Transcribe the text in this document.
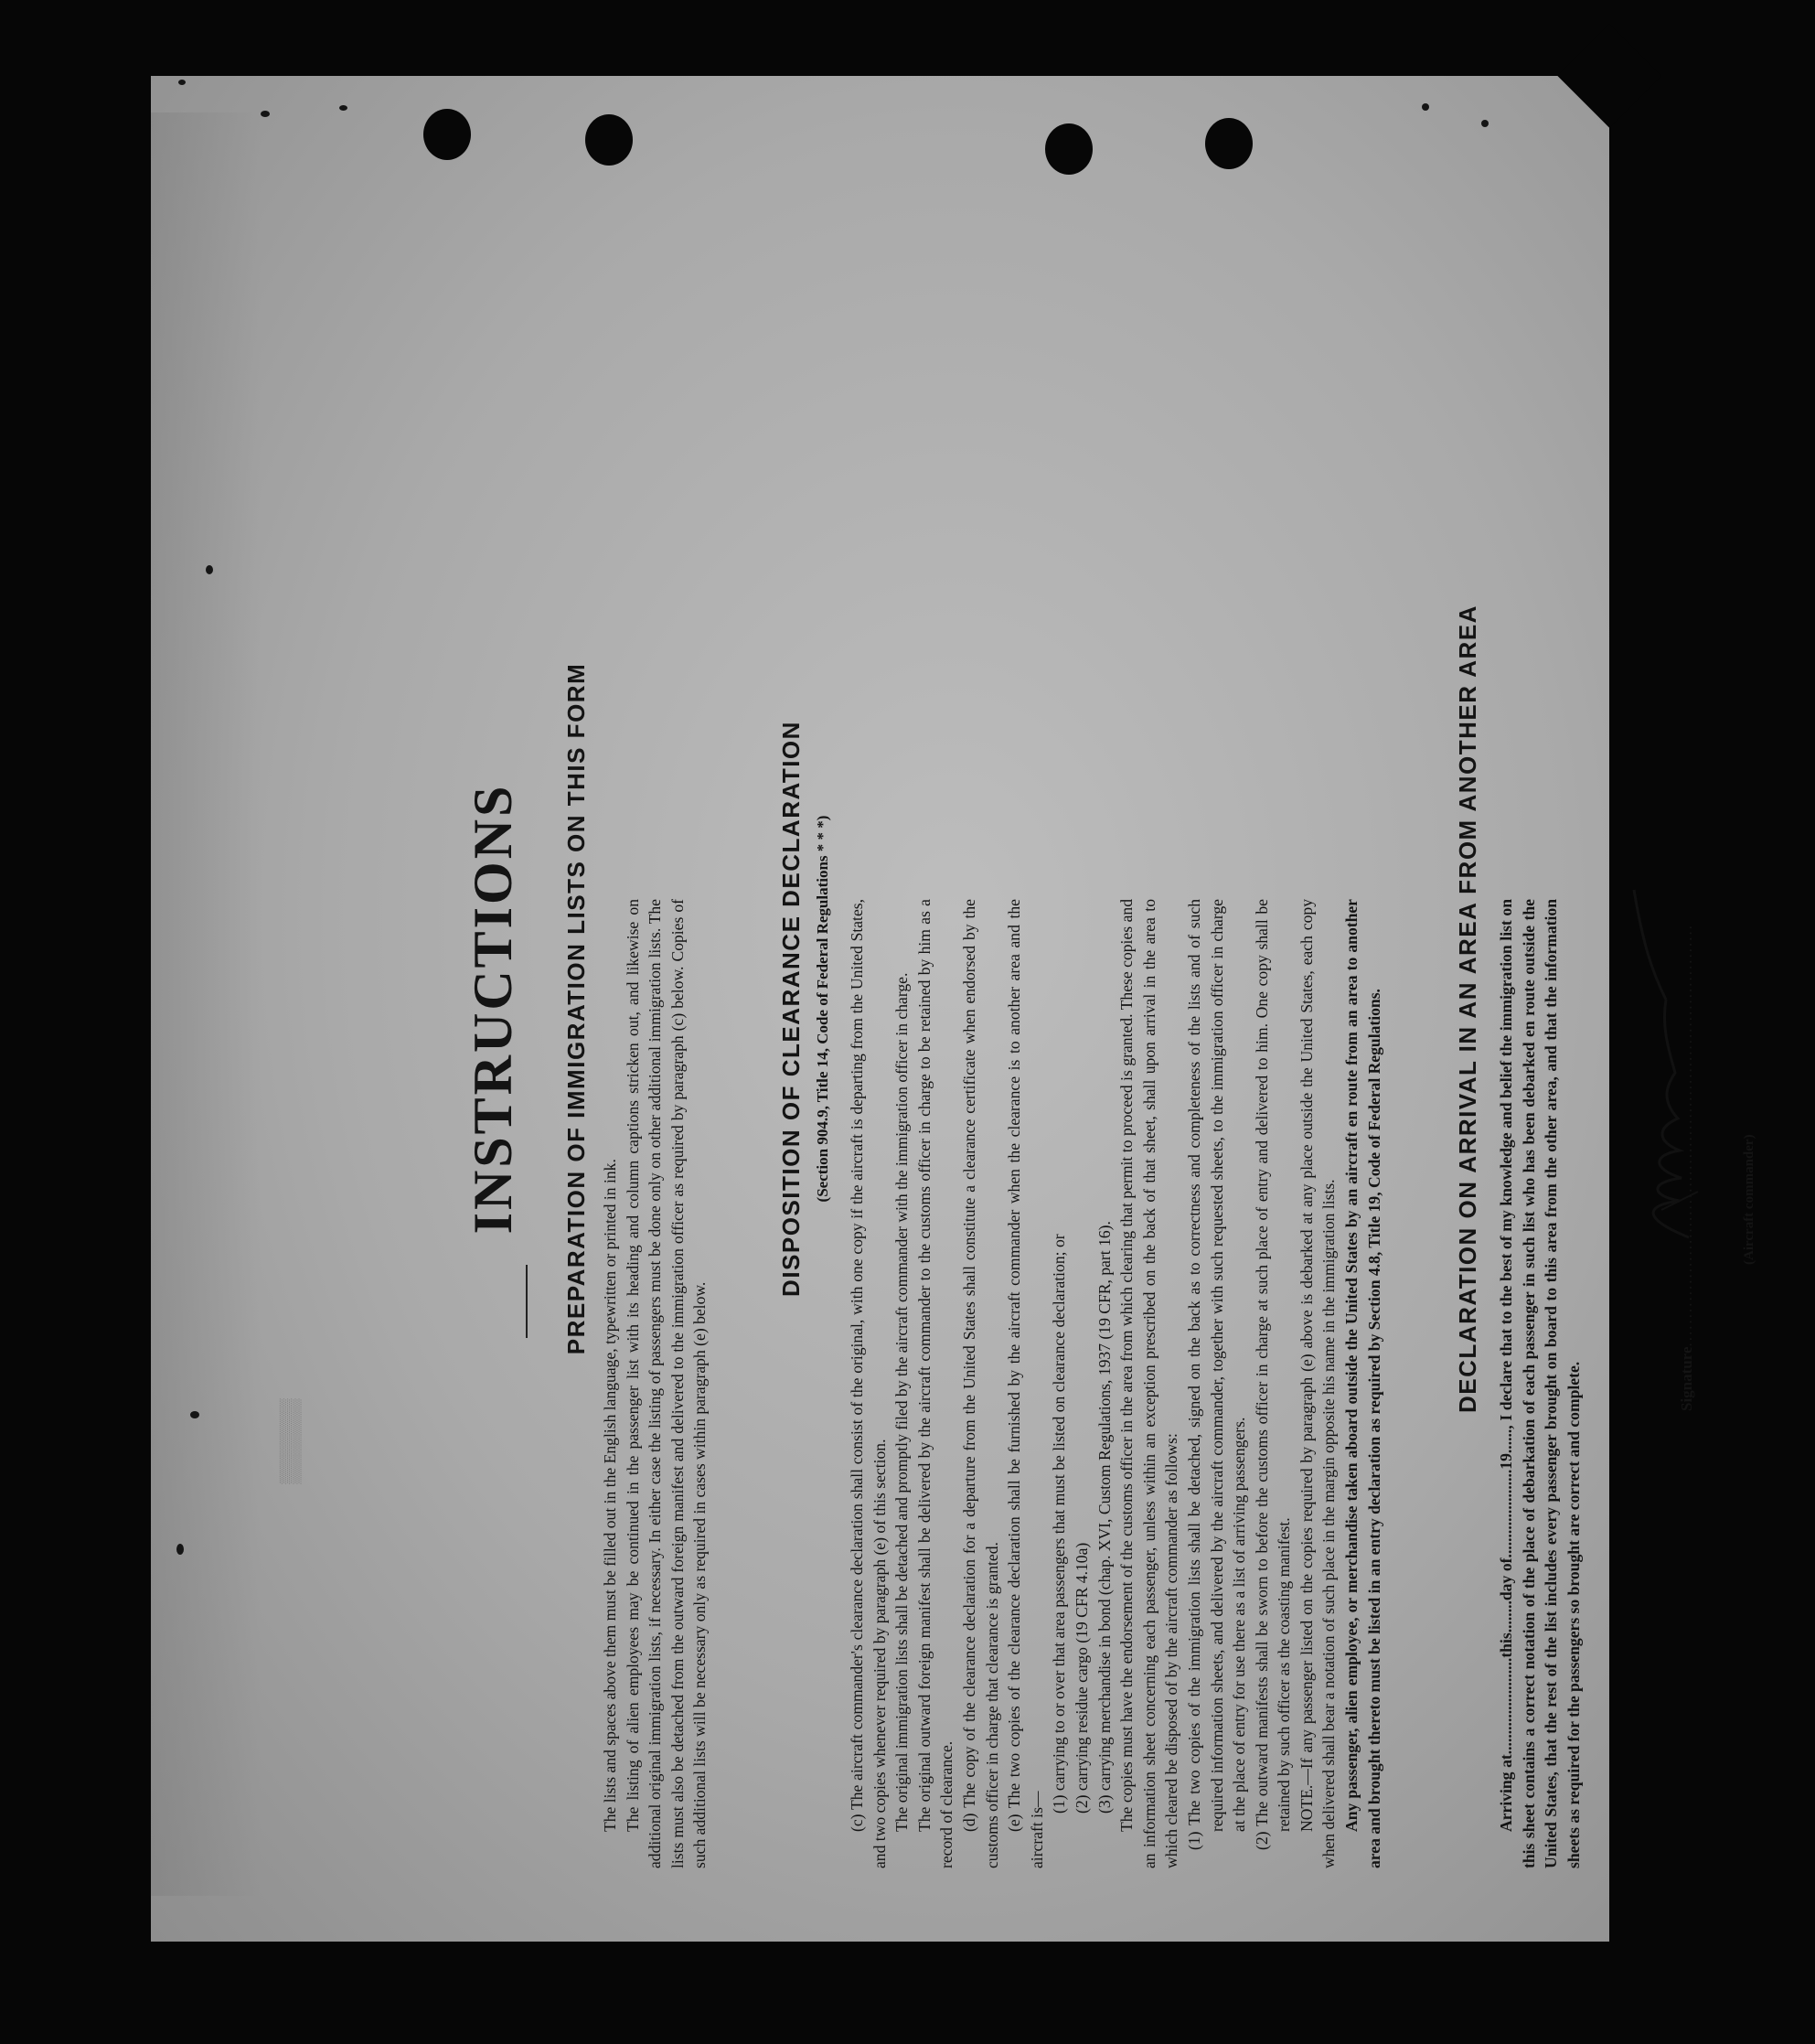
▒▒▒▒▒▒
INSTRUCTIONS PREPARATION OF IMMIGRATION LISTS ON THIS FORM

The lists and spaces above them must be filled out in the English language, typewritten or printed in ink. The listing of alien employees may be continued in the passenger list with its heading and column captions stricken out, and likewise on additional original immigration lists, if necessary. In either case the listing of passengers must be done only on other additional immigration lists. The lists must also be detached from the outward foreign manifest and delivered to the immigration officer as required by paragraph (c) below. Copies of such additional lists will be necessary only as required in cases within paragraph (e) below.

DISPOSITION OF CLEARANCE DECLARATION (Section 904.9, Title 14, Code of Federal Regulations * * *) (c) The aircraft commander's clearance declaration shall consist of the original, with one copy if the aircraft is departing from the United States, and two copies whenever required by paragraph (e) of this section. The original immigration lists shall be detached and promptly filed by the aircraft commander with the immigration officer in charge. The original outward foreign manifest shall be delivered by the aircraft commander to the customs officer in charge to be retained by him as a record of clearance. (d) The copy of the clearance declaration for a departure from the United States shall constitute a clearance certificate when endorsed by the customs officer in charge that clearance is granted. (e) The two copies of the clearance declaration shall be furnished by the aircraft commander when the clearance is to another area and the aircraft is—

(1) carrying to or over that area passengers that must be listed on clearance declaration; or (2) carrying residue cargo (19 CFR 4.10a) (3) carrying merchandise in bond (chap. XVI, Custom Regulations, 1937 (19 CFR, part 16). The copies must have the endorsement of the customs officer in the area from which clearing that permit to proceed is granted. These copies and an information sheet concerning each passenger, unless within an exception prescribed on the back of that sheet, shall upon arrival in the area to which cleared be disposed of by the aircraft commander as follows: (1) The two copies of the immigration lists shall be detached, signed on the back as to correctness and completeness of the lists and of such required information sheets, and delivered by the aircraft commander, together with such requested sheets, to the immigration officer in charge at the place of entry for use there as a list of arriving passengers. (2) The outward manifests shall be sworn to before the customs officer in charge at such place of entry and delivered to him. One copy shall be retained by such officer as the coasting manifest. NOTE.—If any passenger listed on the copies required by paragraph (e) above is debarked at any place outside the United States, each copy when delivered shall bear a notation of such place in the margin opposite his name in the immigration lists. Any passenger, alien employee, or merchandise taken aboard outside the United States by an aircraft en route from an area to another area and brought thereto must be listed in an entry declaration as required by Section 4.8, Title 19, Code of Federal Regulations.	DECLARATION ON ARRIVAL IN AN AREA FROM ANOTHER AREA Arriving at........................this........day of......................19......, I declare that to the best of my knowledge and belief the immigration list on this sheet contains a correct notation of the place of debarkation of each passenger in such list who has been debarked en route outside the United States, that the rest of the list includes every passenger brought on board to this area from the other area, and that the information sheets as required for the passengers so brought are correct and complete.	Signature..........................................................................	(Aircraft commander)
